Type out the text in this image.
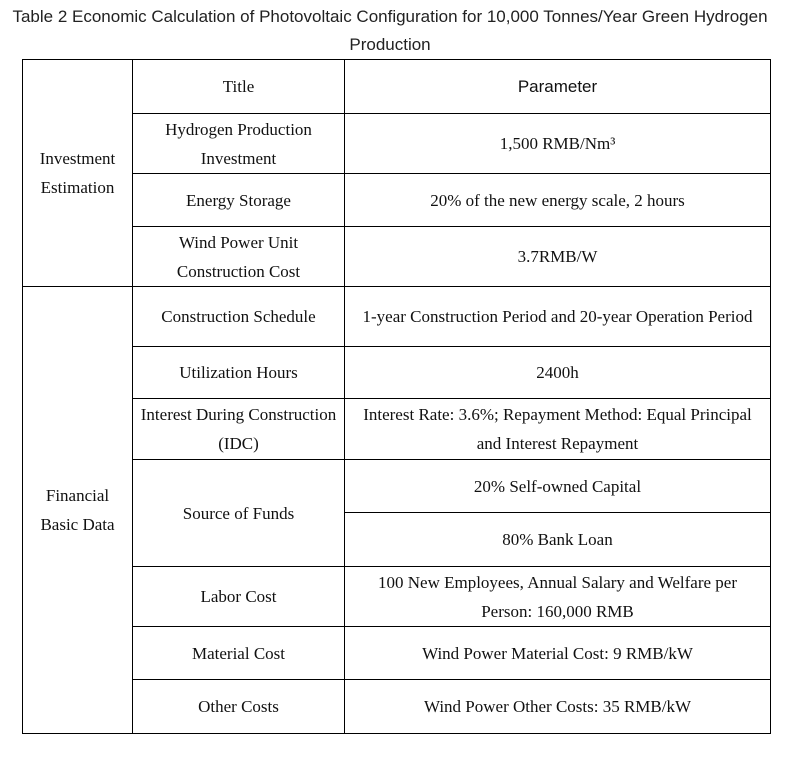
Table 2 Economic Calculation of Photovoltaic Configuration for 10,000 Tonnes/Year Green Hydrogen Production
Investment Estimation	Title	Parameter
	Hydrogen Production Investment	1,500 RMB/Nm³
	Energy Storage	20% of the new energy scale, 2 hours
	Wind Power Unit Construction Cost	3.7RMB/W
Financial Basic Data	Construction Schedule	1-year Construction Period and 20-year Operation Period
	Utilization Hours	2400h
	Interest During Construction (IDC)	Interest Rate: 3.6%; Repayment Method: Equal Principal and Interest Repayment
	Source of Funds	20% Self-owned Capital
		80% Bank Loan
	Labor Cost	100 New Employees, Annual Salary and Welfare per Person: 160,000 RMB
	Material Cost	Wind Power Material Cost: 9 RMB/kW
	Other Costs	Wind Power Other Costs: 35 RMB/kW
